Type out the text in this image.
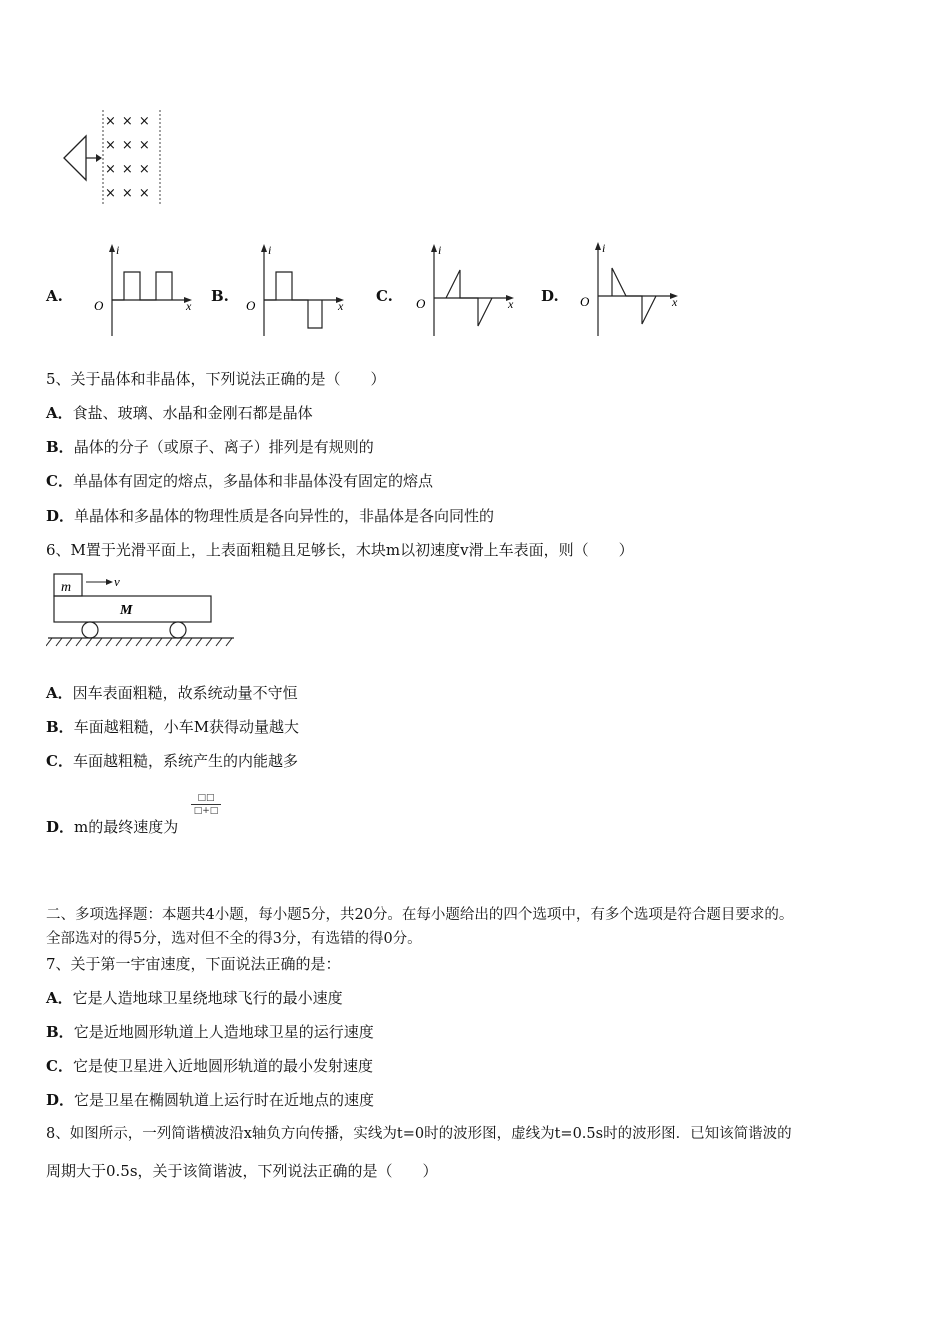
×××
×××
×××
×××
A.	B.	C.	D.
i
x
O
i
x
O
i
x
O
i
x
O
5、关于晶体和非晶体，下列说法正确的是（　　）
A．食盐、玻璃、水晶和金刚石都是晶体
B．晶体的分子（或原子、离子）排列是有规则的
C．单晶体有固定的熔点，多晶体和非晶体没有固定的熔点
D．单晶体和多晶体的物理性质是各向异性的，非晶体是各向同性的
6、M置于光滑平面上，上表面粗糙且足够长，木块m以初速度v滑上车表面，则（　　）
m	v
M
A．因车表面粗糙，故系统动量不守恒
B．车面越粗糙，小车M获得动量越大
C．车面越粗糙，系统产生的内能越多
D．m的最终速度为
□□
□+□
二、多项选择题：本题共4小题，每小题5分，共20分。在每小题给出的四个选项中，有多个选项是符合题目要求的。
全部选对的得5分，选对但不全的得3分，有选错的得0分。
7、关于第一宇宙速度，下面说法正确的是：
A．它是人造地球卫星绕地球飞行的最小速度
B．它是近地圆形轨道上人造地球卫星的运行速度
C．它是使卫星进入近地圆形轨道的最小发射速度
D．它是卫星在椭圆轨道上运行时在近地点的速度
8、如图所示，一列简谐横波沿x轴负方向传播，实线为t=0时的波形图，虚线为t=0.5s时的波形图．已知该简谐波的
周期大于0.5s，关于该简谐波，下列说法正确的是（　　）
